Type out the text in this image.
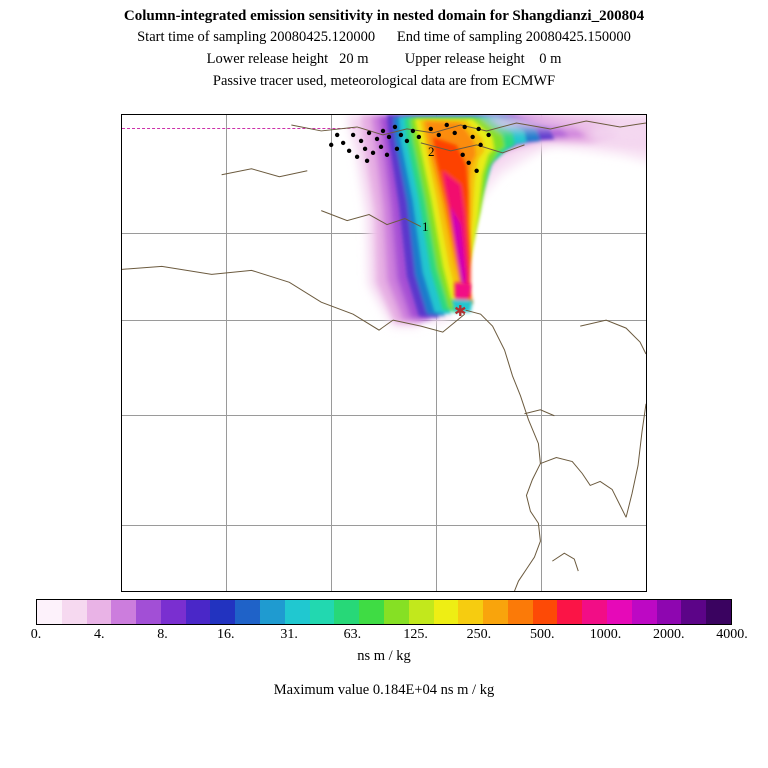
Column-integrated emission sensitivity in nested domain for Shangdianzi_200804
Start time of sampling 20080425.120000      End time of sampling 20080425.150000
Lower release height   20 m          Upper release height    0 m
Passive tracer used, meteorological data are from ECMWF
2
1
✱
0.	4.	8.	16.	31.	63.	125.	250.	500.	1000. 2000. 4000.
ns m / kg
Maximum value 0.184E+04 ns m / kg
